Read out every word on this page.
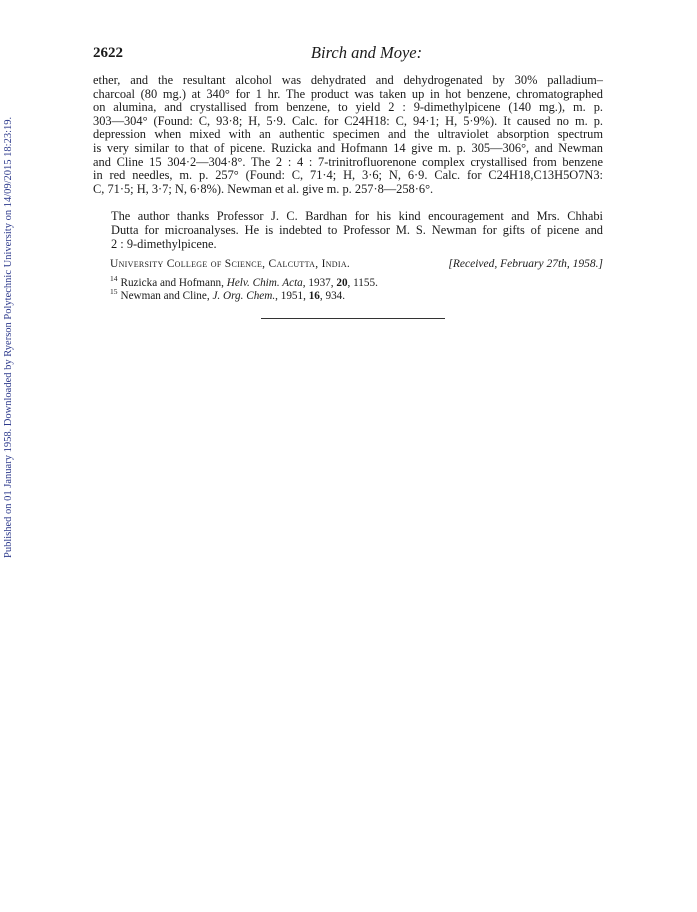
Published on 01 January 1958. Downloaded by Ryerson Polytechnic University on 14/09/2015 18:23:19.
2622	Birch and Moye:

ether, and the resultant alcohol was dehydrated and dehydrogenated by 30% palladium–
charcoal (80 mg.) at 340° for 1 hr. The product was taken up in hot benzene, chromatographed
on alumina, and crystallised from benzene, to yield 2 : 9-dimethylpicene (140 mg.), m. p.
303—304° (Found: C, 93·8; H, 5·9. Calc. for C24H18: C, 94·1; H, 5·9%). It caused no m. p.
depression when mixed with an authentic specimen and the ultraviolet absorption spectrum
is very similar to that of picene. Ruzicka and Hofmann 14 give m. p. 305—306°, and Newman
and Cline 15 304·2—304·8°. The 2 : 4 : 7-trinitrofluorenone complex crystallised from benzene
in red needles, m. p. 257° (Found: C, 71·4; H, 3·6; N, 6·9. Calc. for C24H18,C13H5O7N3:
C, 71·5; H, 3·7; N, 6·8%). Newman et al. give m. p. 257·8—258·6°.

The author thanks Professor J. C. Bardhan for his kind encouragement and Mrs. Chhabi
Dutta for microanalyses. He is indebted to Professor M. S. Newman for gifts of picene and
2 : 9-dimethylpicene.

University College of Science, Calcutta, India.	[Received, February 27th, 1958.]
$^{14}$ Ruzicka and Hofmann, Helv. Chim. Acta, 1937, 20, 1155.
$^{15}$ Newman and Cline, J. Org. Chem., 1951, 16, 934.
